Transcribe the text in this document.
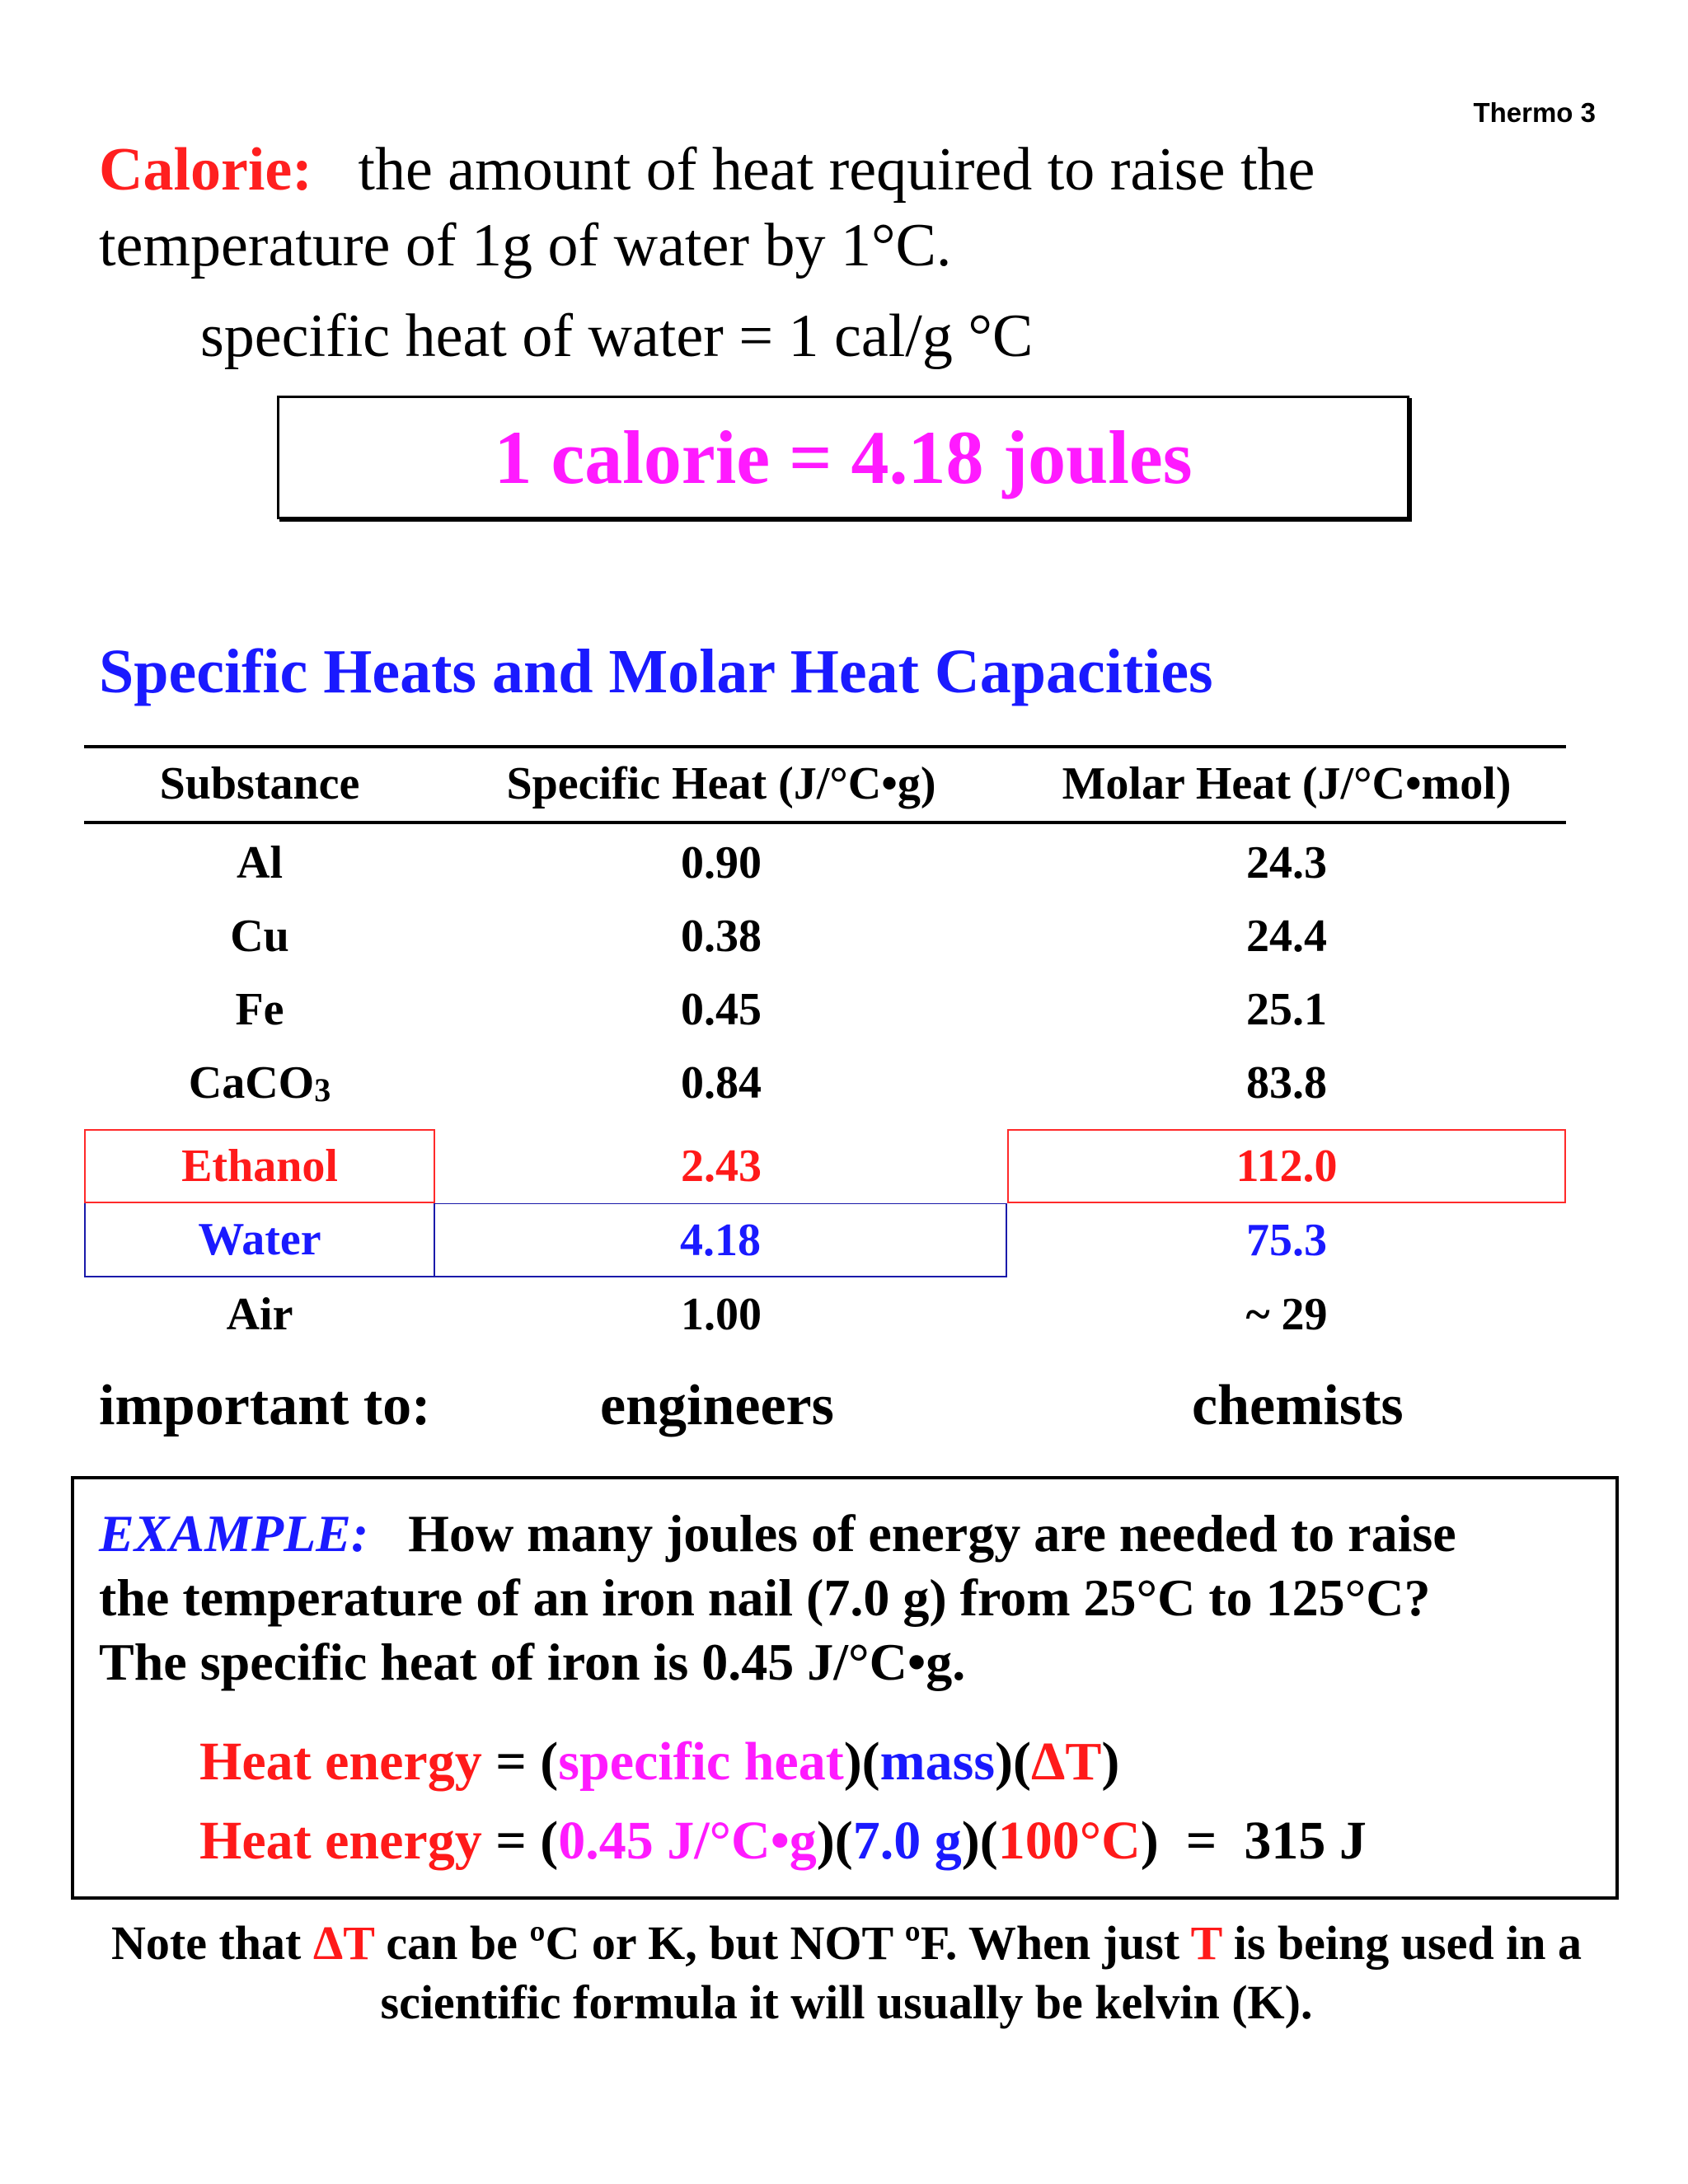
Thermo 3
Calorie: the amount of heat required to raise the temperature of 1g of water by 1°C.
specific heat of water = 1 cal/g °C
1 calorie = 4.18 joules
Specific Heats and Molar Heat Capacities
Substance	Specific Heat (J/°C•g)	Molar Heat (J/°C•mol)
Al	0.90	24.3
Cu	0.38	24.4
Fe	0.45	25.1
CaCO$_3$	0.84	83.8
Ethanol	2.43	112.0
Water	4.18	75.3
Air	1.00	~ 29
important to:	engineers	chemists
EXAMPLE: How many joules of energy are needed to raise
the temperature of an iron nail (7.0 g) from 25°C to 125°C?
The specific heat of iron is 0.45 J/°C•g.
Heat energy = (specific heat)(mass)(ΔT)
Heat energy = (0.45 J/°C•g)(7.0 g)(100°C)  =  315 J
Note that ΔT can be ºC or K, but NOT ºF. When just T is being used in a scientific formula it will usually be kelvin (K).
